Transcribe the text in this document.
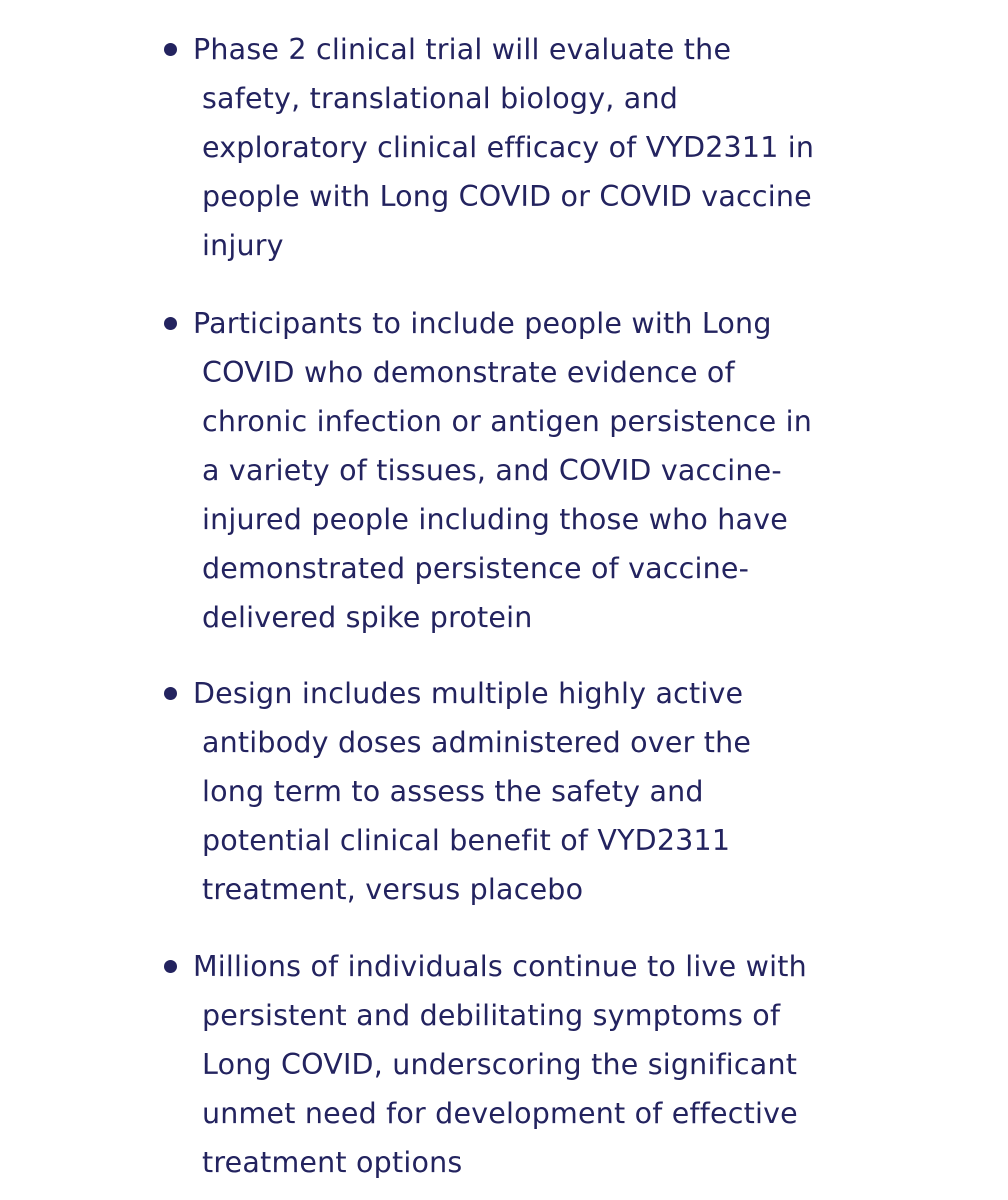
Phase 2 clinical trial will evaluate the
safety, translational biology, and
exploratory clinical efficacy of VYD2311 in
people with Long COVID or COVID vaccine
injury
Participants to include people with Long
COVID who demonstrate evidence of
chronic infection or antigen persistence in
a variety of tissues, and COVID vaccine-
injured people including those who have
demonstrated persistence of vaccine-
delivered spike protein
Design includes multiple highly active
antibody doses administered over the
long term to assess the safety and
potential clinical benefit of VYD2311
treatment, versus placebo
Millions of individuals continue to live with
persistent and debilitating symptoms of
Long COVID, underscoring the significant
unmet need for development of effective
treatment options
